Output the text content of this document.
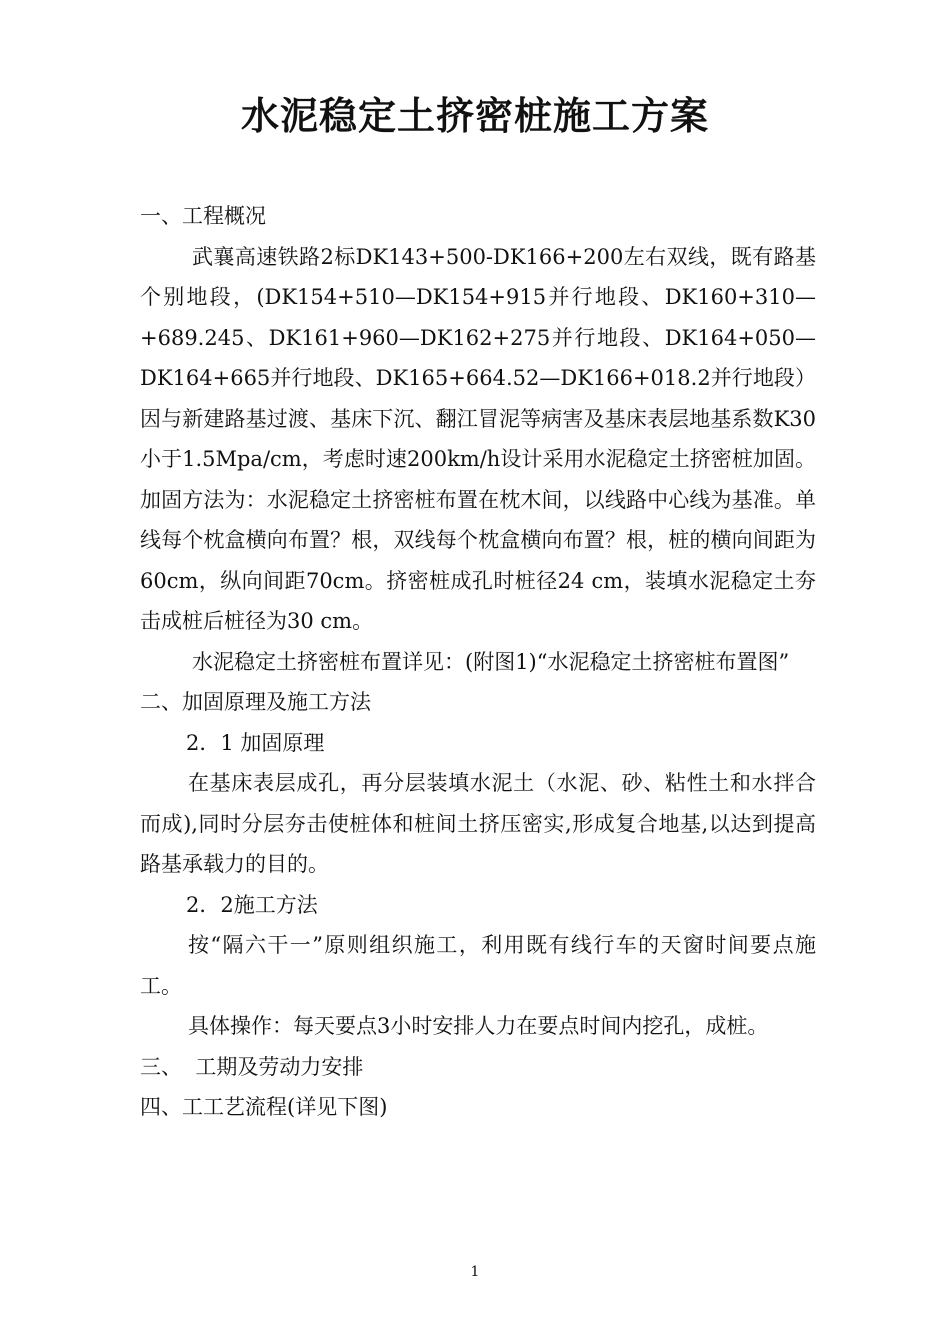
水泥稳定土挤密桩施工方案

一、工程概况

武襄高速铁路2标DK143+500-DK166+200左右双线，既有路基个别地段，(DK154+510—DK154+915并行地段、DK160+310—+689.245、DK161+960—DK162+275并行地段、DK164+050—DK164+665并行地段、DK165+664.52—DK166+018.2并行地段）因与新建路基过渡、基床下沉、翻江冒泥等病害及基床表层地基系数K30小于1.5Mpa/cm，考虑时速200km/h设计采用水泥稳定土挤密桩加固。加固方法为：水泥稳定土挤密桩布置在枕木间，以线路中心线为基准。单线每个枕盒横向布置？根，双线每个枕盒横向布置？根，桩的横向间距为60cm，纵向间距70cm。挤密桩成孔时桩径24 cm，装填水泥稳定土夯击成桩后桩径为30 cm。

水泥稳定土挤密桩布置详见：(附图1)“水泥稳定土挤密桩布置图”

二、加固原理及施工方法

2．1 加固原理

在基床表层成孔，再分层装填水泥土（水泥、砂、粘性土和水拌合而成),同时分层夯击使桩体和桩间土挤压密实,形成复合地基,以达到提高路基承载力的目的。

2．2施工方法

按“隔六干一”原则组织施工，利用既有线行车的天窗时间要点施工。

具体操作：每天要点3小时安排人力在要点时间内挖孔，成桩。

三、  工期及劳动力安排

四、工工艺流程(详见下图)

1
